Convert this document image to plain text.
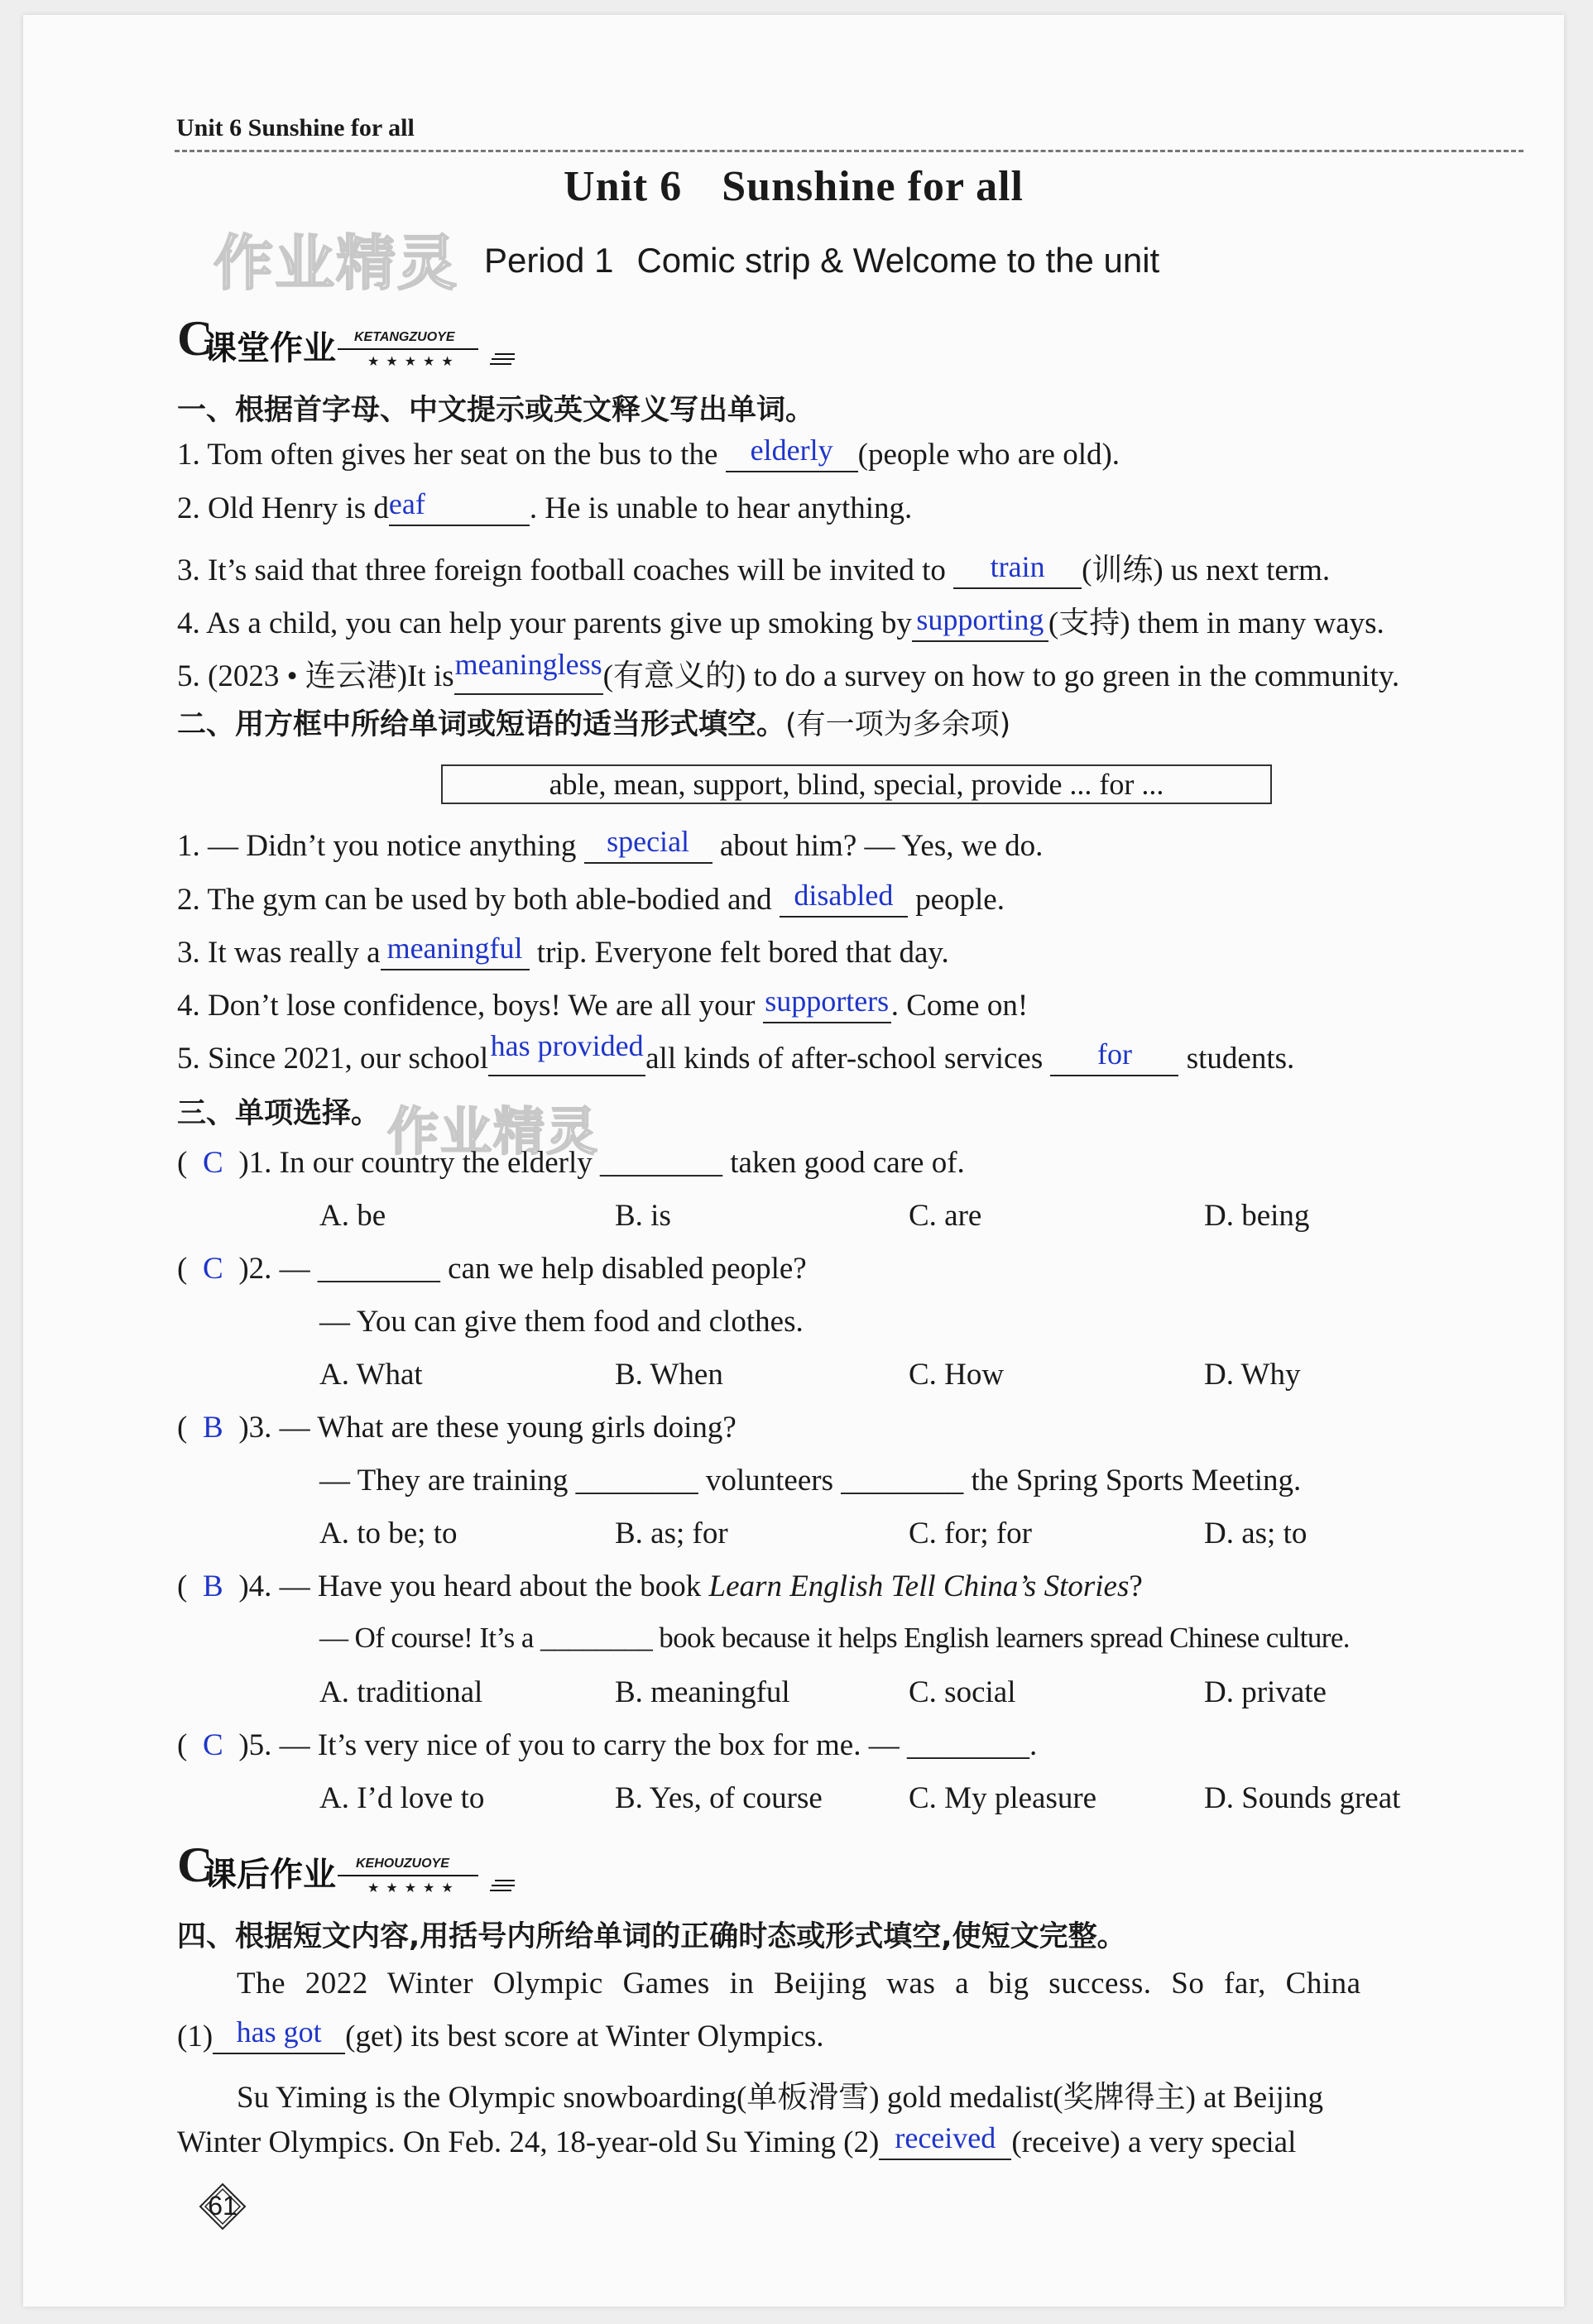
Unit 6 Sunshine for all
Unit 6 Sunshine for all
作业精灵 Period 1 Comic strip & Welcome to the unit
C
课堂作业 KETANGZUOYE
★★★★★
一、根据首字母、中文提示或英文释义写出单词。
1. Tom often gives her seat on the bus to the	elderly (people who are old).
2. Old Henry is d eaf	. He is unable to hear anything.
3. It’s said that three foreign football coaches will be invited to	train	(训练) us next term.
4. As a child, you can help your parents give up smoking by supporting (支持) them in many ways.
5. (2023 • 连云港)It is meaningless (有意义的) to do a survey on how to go green in the community.
二、用方框中所给单词或短语的适当形式填空。(有一项为多余项)
able, mean, support, blind, special, provide ... for ...
1. — Didn’t you notice anything	special about him? — Yes, we do.
2. The gym can be used by both able-bodied and disabled people.
3. It was really a meaningful trip. Everyone felt bored that day.
4. Don’t lose confidence, boys! We are all your supporters . Come on!
5. Since 2021, our school has provided all kinds of after-school services	for	students.
三、单项选择。 作业精灵
( C )1. In our country the elderly ________ taken good care of.
A. be	B. is	C. are	D. being
( C )2. — ________ can we help disabled people?
— You can give them food and clothes.
A. What	B. When	C. How	D. Why
( B )3. — What are these young girls doing?
— They are training ________ volunteers ________ the Spring Sports Meeting.
A. to be; to	B. as; for	C. for; for	D. as; to
( B )4. — Have you heard about the book Learn English Tell China’s Stories?
— Of course! It’s a ________ book because it helps English learners spread Chinese culture.
A. traditional	B. meaningful	C. social	D. private
( C )5. — It’s very nice of you to carry the box for me. — ________.
A. I’d love to	B. Yes, of course	C. My pleasure	D. Sounds great
C
课后作业 KEHOUZUOYE
★★★★★
四、根据短文内容,用括号内所给单词的正确时态或形式填空,使短文完整。
The 2022 Winter Olympic Games in Beijing was a big success. So far, China
(1) has got (get) its best score at Winter Olympics.
Su Yiming is the Olympic snowboarding(单板滑雪) gold medalist(奖牌得主) at Beijing
Winter Olympics. On Feb. 24, 18-year-old Su Yiming (2) received (receive) a very special
61
